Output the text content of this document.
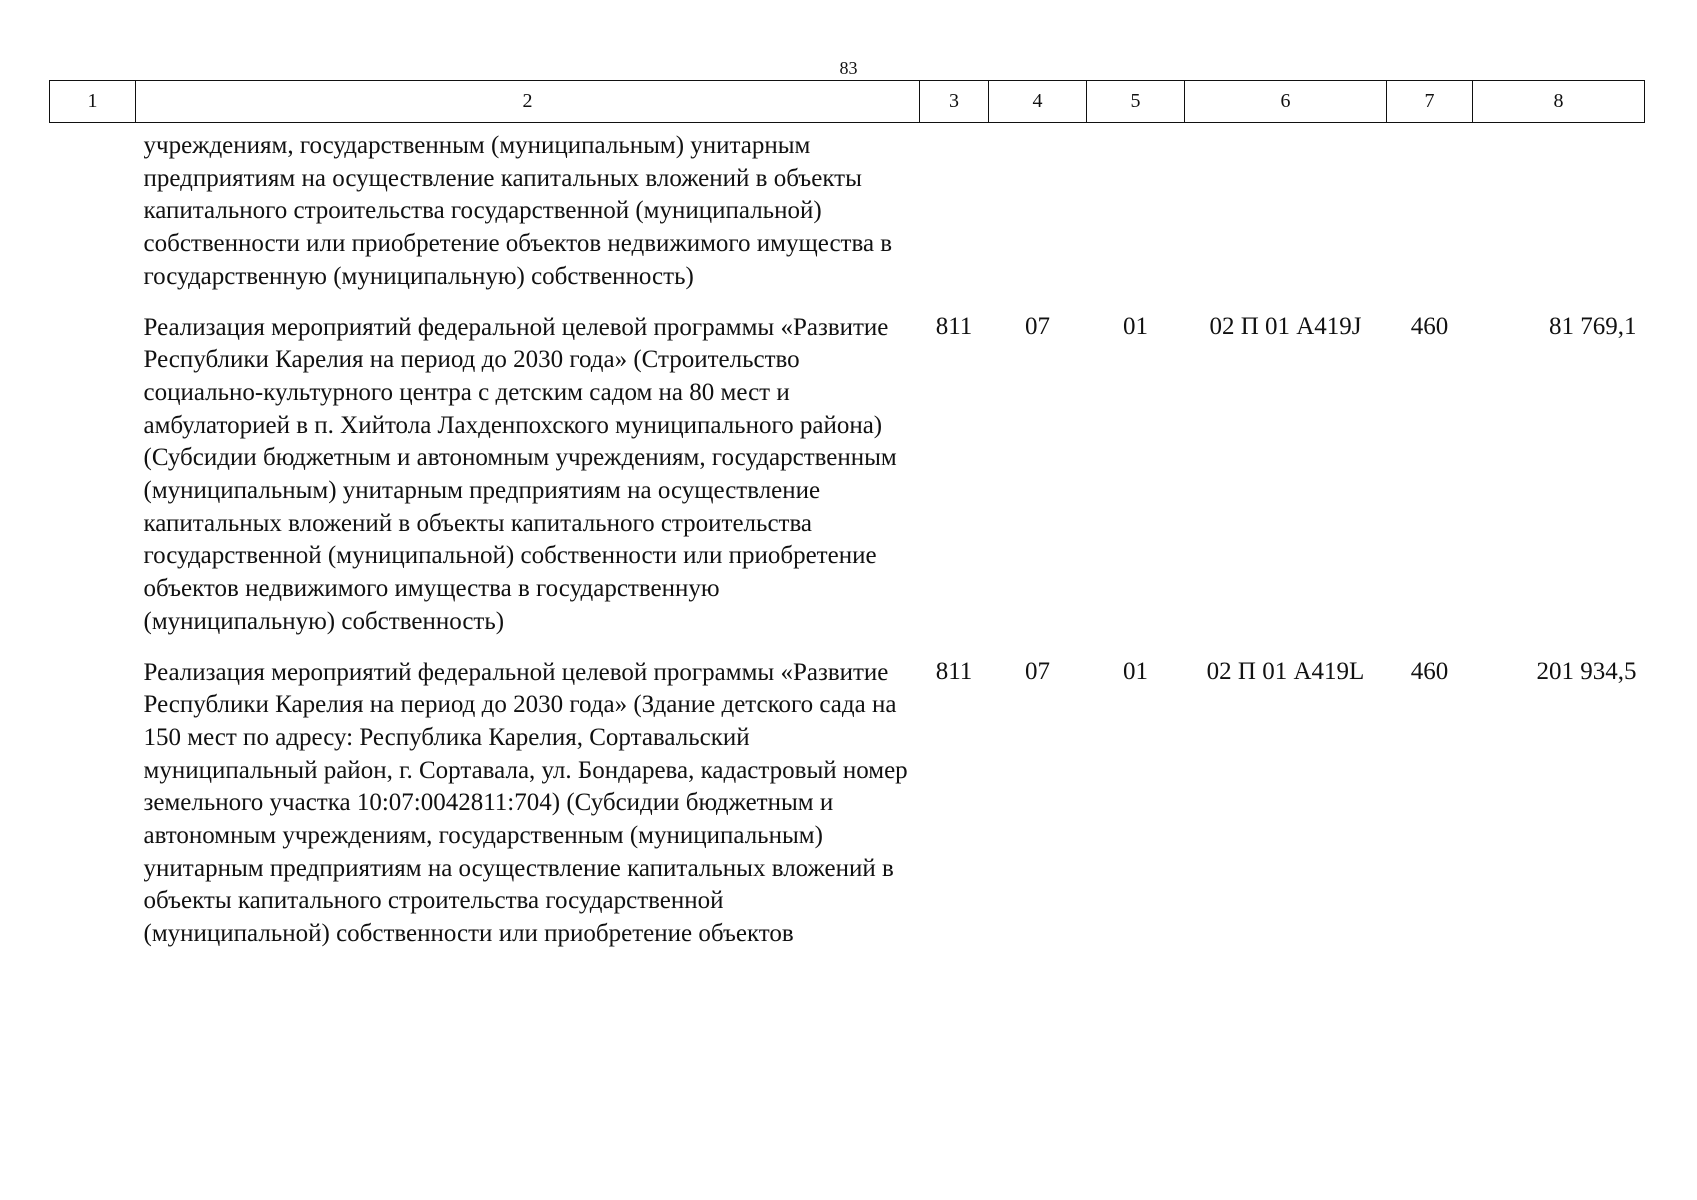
83
1	2	3	4	5	6	7	8
учреждениям, государственным (муниципальным) унитарным предприятиям на осуществление капитальных вложений в объекты капитального строительства государственной (муниципальной) собственности или приобретение объектов недвижимого имущества в государственную (муниципальную) собственность)							
Реализация мероприятий федеральной целевой программы «Развитие Республики Карелия на период до 2030 года» (Строительство социально-культурного центра с детским садом на 80 мест и амбулаторией в п. Хийтола Лахденпохского муниципального района) (Субсидии бюджетным и автономным учреждениям, государственным (муниципальным) унитарным предприятиям на осуществление капитальных вложений в объекты капитального строительства государственной (муниципальной) собственности или приобретение объектов недвижимого имущества в государственную (муниципальную) собственность)		811	07	01	02 П 01 A419J	460	81 769,1
Реализация мероприятий федеральной целевой программы «Развитие Республики Карелия на период до 2030 года» (Здание детского сада на 150 мест по адресу: Республика Карелия, Сортавальский муниципальный район, г. Сортавала, ул. Бондарева, кадастровый номер земельного участка 10:07:0042811:704) (Субсидии бюджетным и автономным учреждениям, государственным (муниципальным) унитарным предприятиям на осуществление капитальных вложений в объекты капитального строительства государственной (муниципальной) собственности или приобретение объектов		811	07	01	02 П 01 A419L	460	201 934,5
